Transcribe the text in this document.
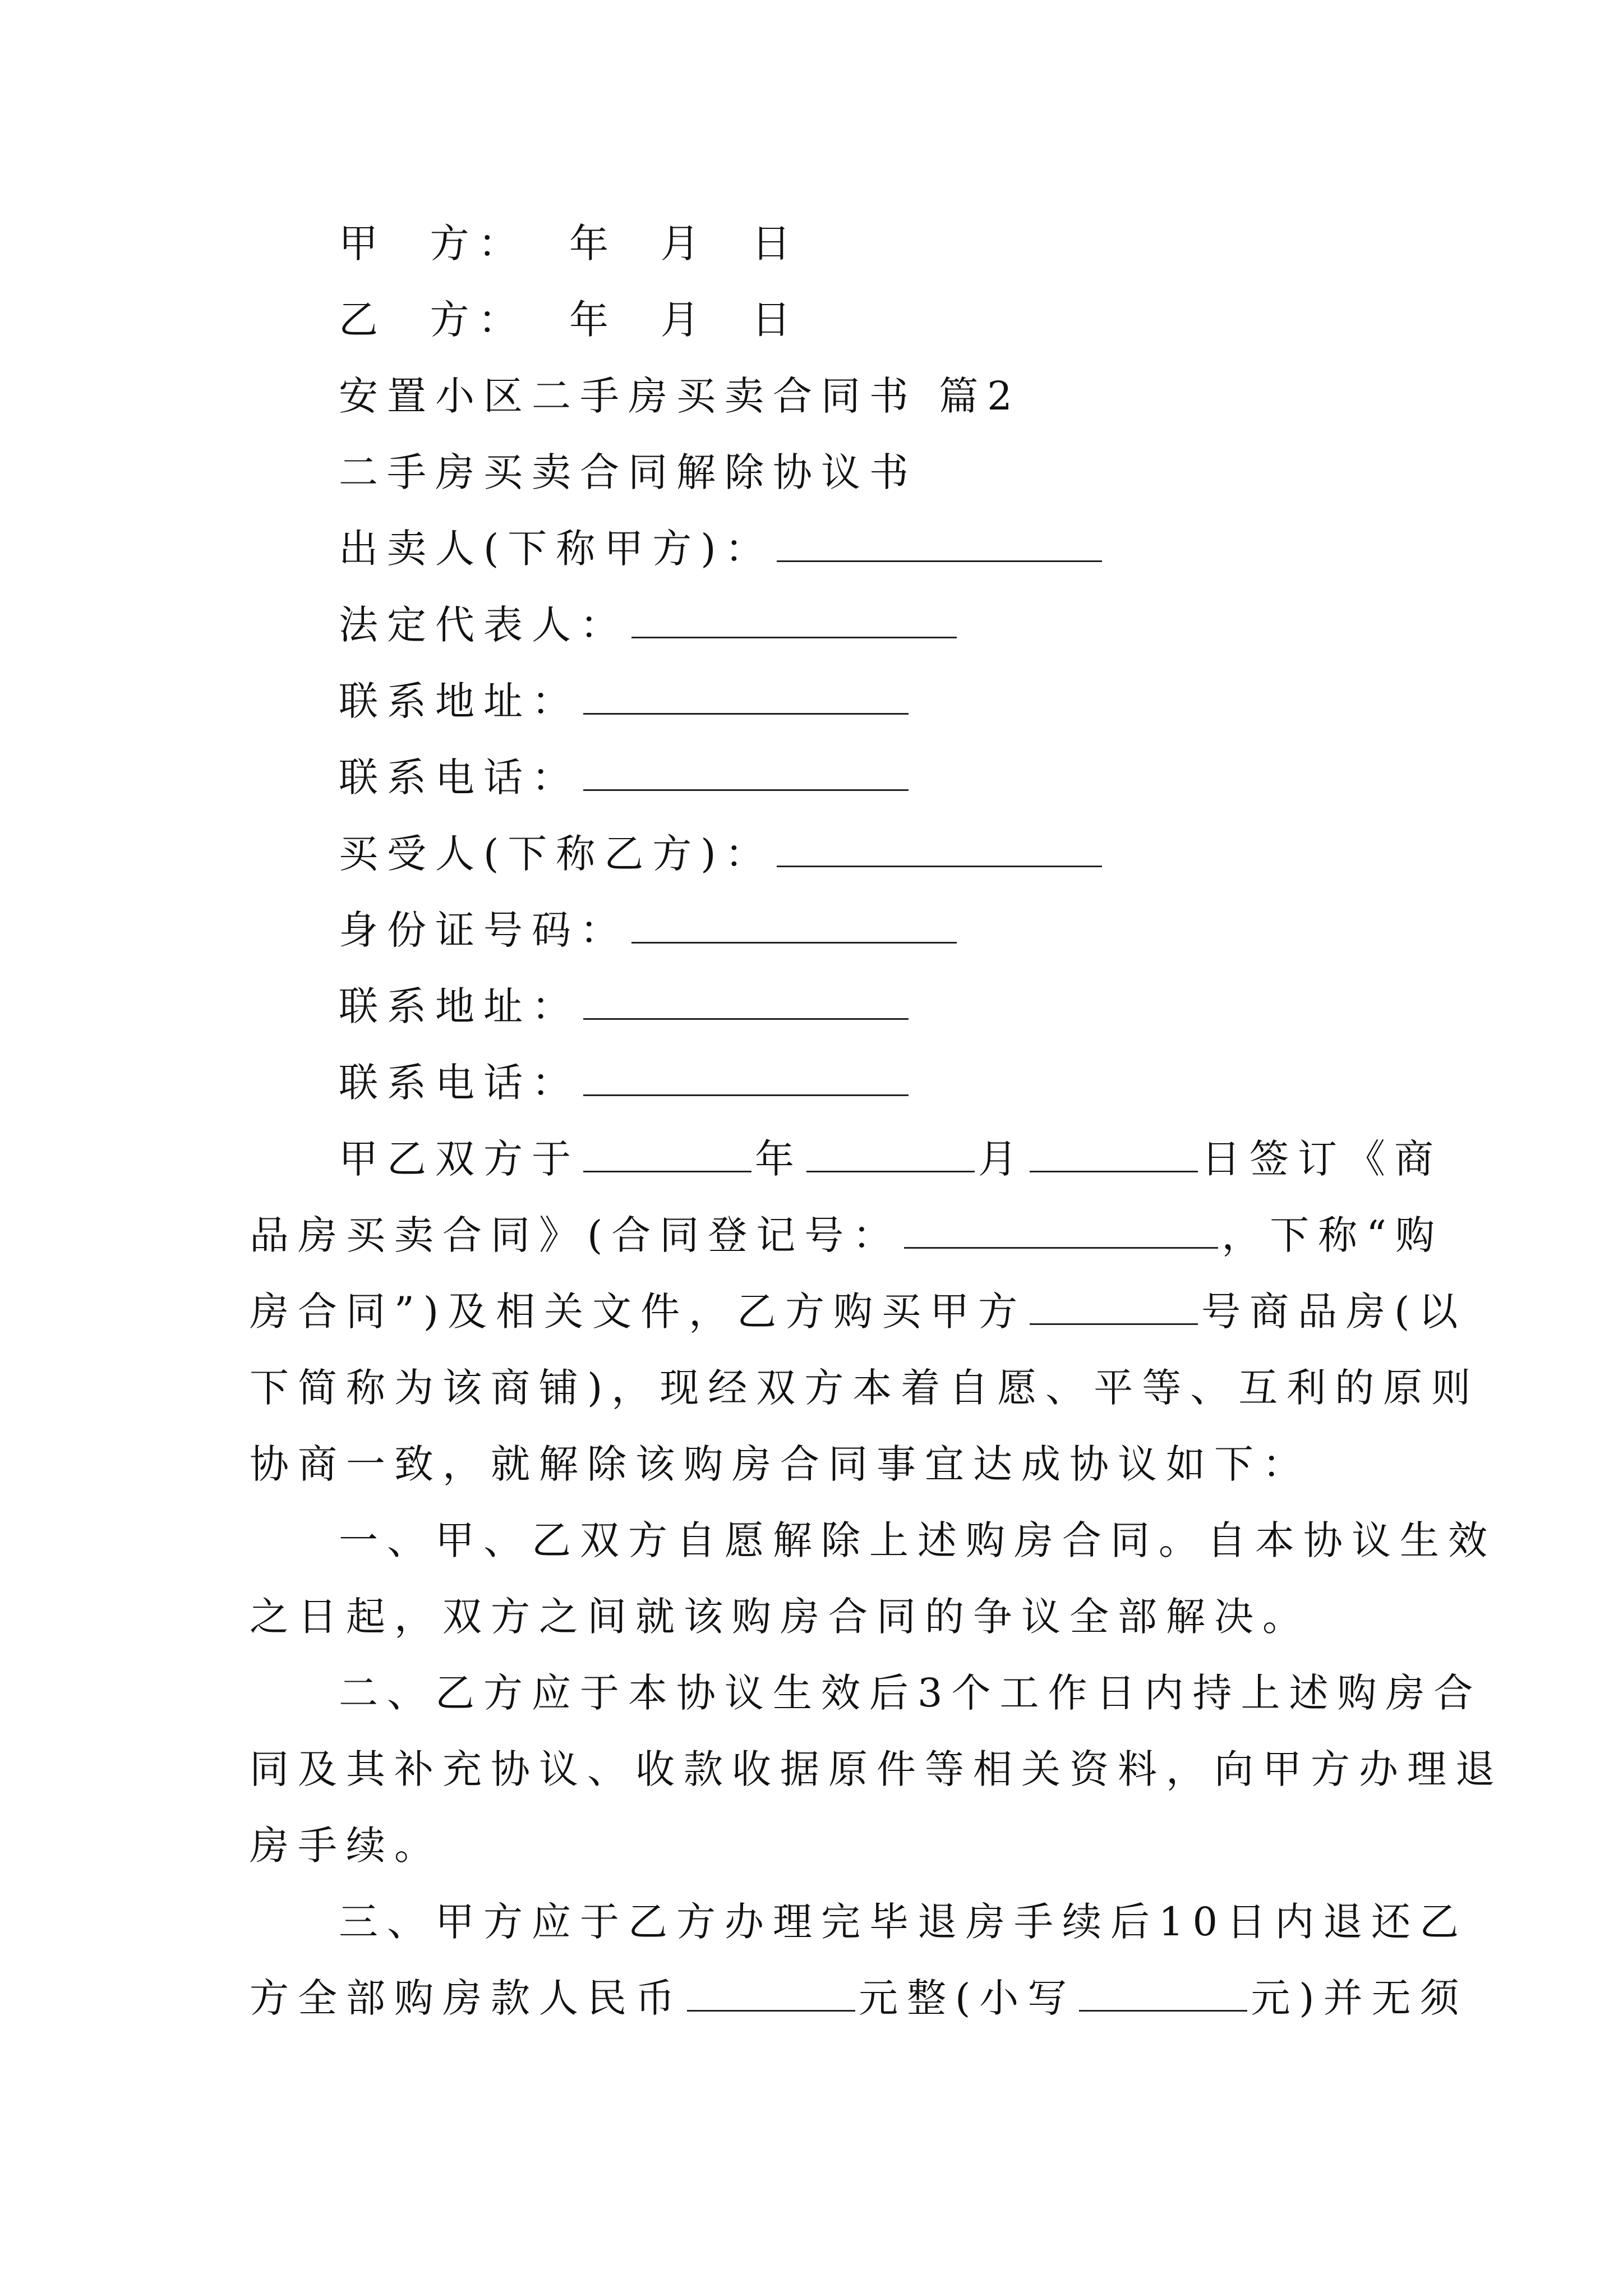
甲  方：  年  月  日
乙  方：  年  月  日
安置小区二手房买卖合同书 篇2
二手房买卖合同解除协议书
出卖人(下称甲方)：
法定代表人：
联系地址：
联系电话：
买受人(下称乙方)：
身份证号码：
联系地址：
联系电话：
甲乙双方于	年	月	日签订《商
品房买卖合同》(合同登记号：	，下称“购
房合同”)及相关文件，乙方购买甲方	号商品房(以
下简称为该商铺)，现经双方本着自愿、平等、互利的原则
协商一致，就解除该购房合同事宜达成协议如下：
一、甲、乙双方自愿解除上述购房合同。自本协议生效
之日起，双方之间就该购房合同的争议全部解决。
二、乙方应于本协议生效后3个工作日内持上述购房合
同及其补充协议、收款收据原件等相关资料，向甲方办理退
房手续。
三、甲方应于乙方办理完毕退房手续后10日内退还乙
方全部购房款人民币	元整(小写	元)并无须
